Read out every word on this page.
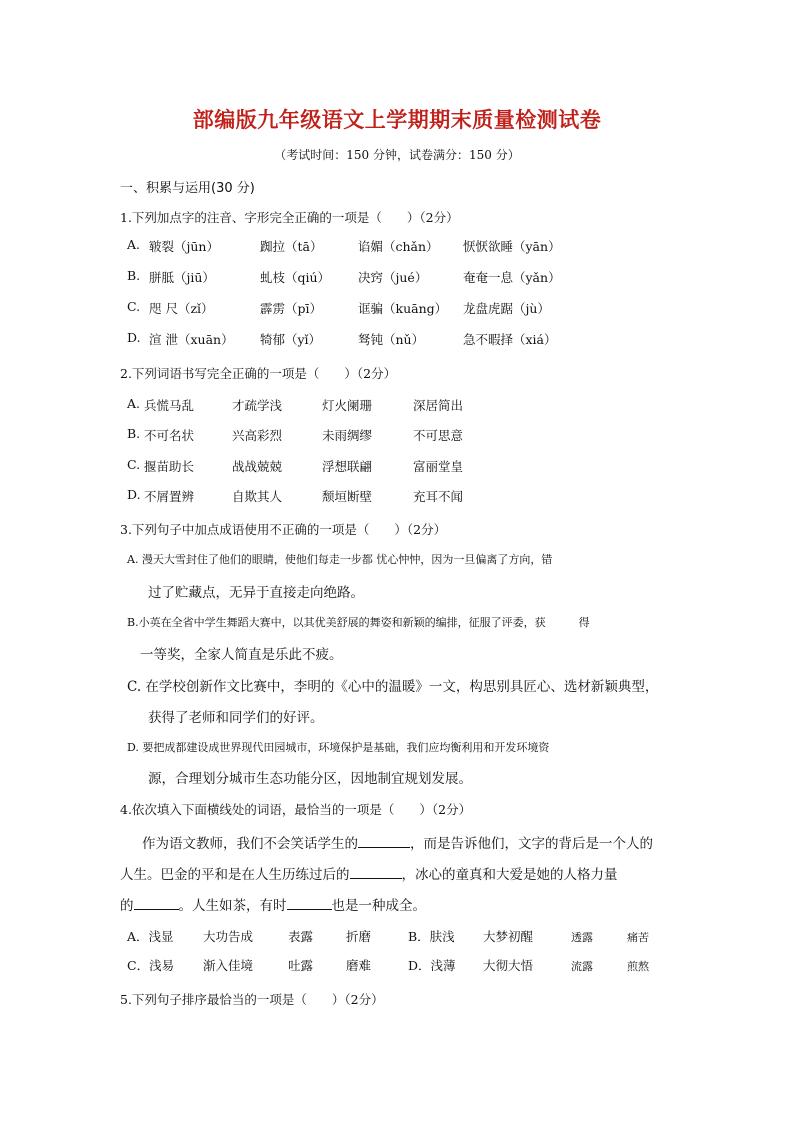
部编版九年级语文上学期期末质量检测试卷
（考试时间：150 分钟，试卷满分：150 分）
一、积累与运用(30 分)
1.下列加点字的注音、字形完全正确的一项是（　　）（2分）
A. 皲裂（jūn）	踟拉（tā）	谄媚（chǎn） 恹恹欲睡（yān）
B. 胼胝（jiū）	虬枝（qiú） 决窍（jué）	奄奄一息（yǎn）
C. 咫 尺（zǐ）	霹雳（pī）	诓骗（kuāng） 龙盘虎踞（jù）
D. 渲 泄（xuān） 犄郁（yǐ）	驽钝（nǔ）	急不暇择（xiá）
2.下列词语书写完全正确的一项是（　　）（2分）
A. 兵慌马乱	才疏学浅	灯火阑珊	深居简出
B. 不可名状	兴高彩烈	未雨绸缪	不可思意
C. 揠苗助长	战战兢兢	浮想联翩	富丽堂皇
D. 不屑置辨	自欺其人	颓垣断壁	充耳不闻
3.下列句子中加点成语使用不正确的一项是（　　）（2分）
A. 漫天大雪封住了他们的眼睛，使他们每走一步都 忧心忡忡，因为一旦偏离了方向，错
过了贮藏点，无异于直接走向绝路。
B.小英在全省中学生舞蹈大赛中，以其优美舒展的舞姿和新颖的编排，征服了评委，获　　　得
一等奖，全家人简直是乐此不疲。
C. 在学校创新作文比赛中，李明的《心中的温暖》一文，构思别具匠心、选材新颖典型，
获得了老师和同学们的好评。
D. 要把成都建设成世界现代田园城市，环境保护是基础，我们应均衡利用和开发环境资
源，合理划分城市生态功能分区，因地制宜规划发展。
4.依次填入下面横线处的词语，最恰当的一项是（　　）（2分）
作为语文教师，我们不会笑话学生的	，而是告诉他们，文字的背后是一个人的
人生。巴金的平和是在人生历练过后的	，冰心的童真和大爱是她的人格力量
的	。人生如茶，有时	也是一种成全。
A．浅显 大功告成	表露	折磨	B．肤浅 大梦初醒	透露	痛苦
C．浅易 渐入佳境	吐露	磨难	D．浅薄 大彻大悟	流露	煎熬
5.下列句子排序最恰当的一项是（　　）（2分）
